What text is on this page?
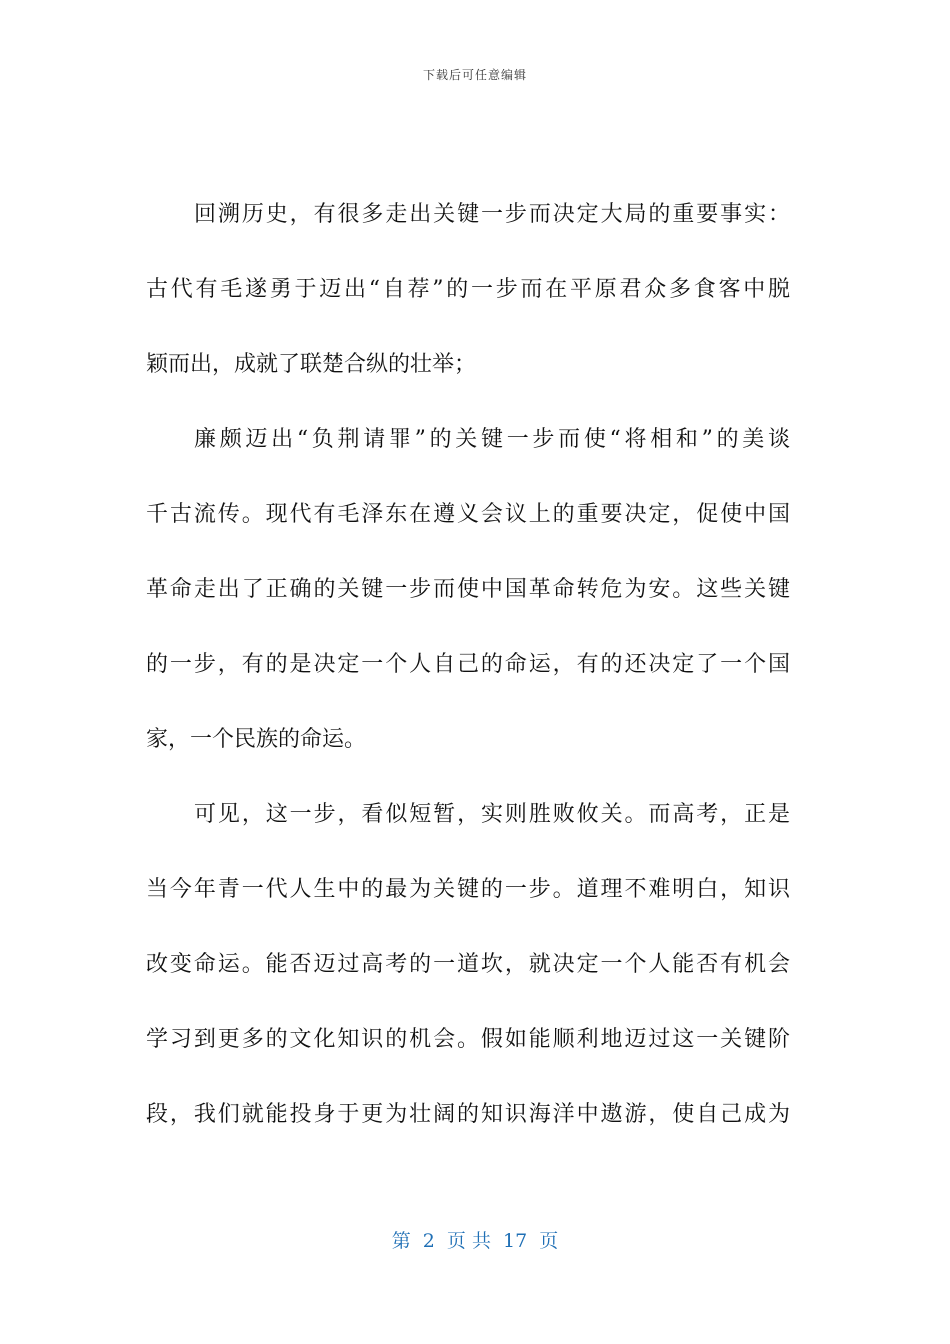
下载后可任意编辑
回溯历史，有很多走出关键一步而决定大局的重要事实：
古代有毛遂勇于迈出“自荐”的一步而在平原君众多食客中脱
颖而出，成就了联楚合纵的壮举；
廉颇迈出“负荆请罪”的关键一步而使“将相和”的美谈
千古流传。现代有毛泽东在遵义会议上的重要决定，促使中国
革命走出了正确的关键一步而使中国革命转危为安。这些关键
的一步，有的是决定一个人自己的命运，有的还决定了一个国
家，一个民族的命运。
可见，这一步，看似短暂，实则胜败攸关。而高考，正是
当今年青一代人生中的最为关键的一步。道理不难明白，知识
改变命运。能否迈过高考的一道坎，就决定一个人能否有机会
学习到更多的文化知识的机会。假如能顺利地迈过这一关键阶
段，我们就能投身于更为壮阔的知识海洋中遨游，使自己成为
第  2  页 共  17  页
